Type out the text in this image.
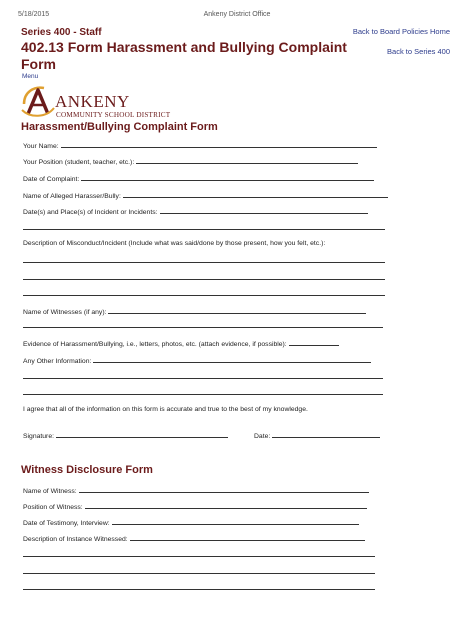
5/18/2015	Ankeny District Office
Back to Board Policies Home
Back to Series 400
Series 400 - Staff
402.13 Form Harassment and Bullying Complaint Form
Menu
ANKENY
COMMUNITY SCHOOL DISTRICT
Harassment/Bullying Complaint Form
Your Name:
Your Position (student, teacher, etc.):
Date of Complaint:
Name of Alleged Harasser/Bully:
Date(s) and Place(s) of Incident or Incidents:
Description of Misconduct/Incident (Include what was said/done by those present, how you felt, etc.):
Name of Witnesses (if any):
Evidence of Harassment/Bullying, i.e., letters, photos, etc. (attach evidence, if possible):
Any Other Information:
I agree that all of the information on this form is accurate and true to the best of my knowledge.
Signature:	Date:
Witness Disclosure Form
Name of Witness:
Position of Witness:
Date of Testimony, Interview:
Description of Instance Witnessed:
